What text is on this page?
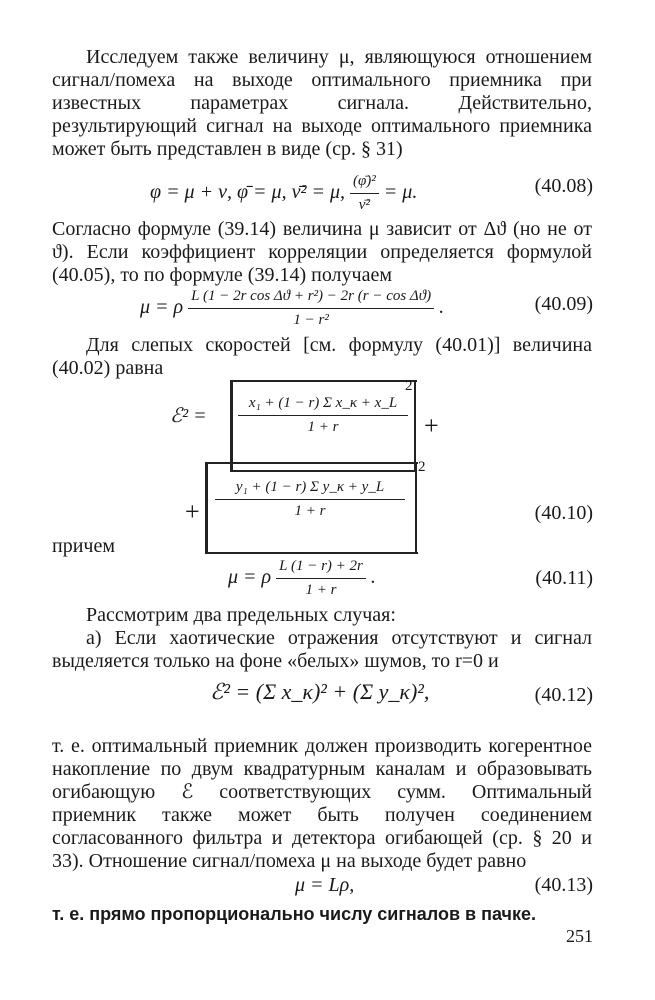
Исследуем также величину μ, являющуюся отношением сигнал/помеха на выходе оптимального приемника при известных параметрах сигнала. Действительно, результирующий сигнал на выходе оптимального приемника может быть представлен в виде (ср. § 31)

φ = μ + ν, φ̄ = μ, ν̄² = μ, $\frac{\text{(φ̄)²}}{\text{ν̄²}} = \mu$.	(40.08)

Согласно формуле (39.14) величина μ зависит от Δϑ (но не от ϑ). Если коэффициент корреляции определяется формулой (40.05), то по формуле (39.14) получаем

μ = ρ $\frac{\text{L (1 − 2r cos Δϑ + r²) − 2r (r − cos Δϑ)}}{\text{1 − r²}}$ .	(40.09)

Для слепых скоростей [см. формулу (40.01)] величина (40.02) равна

ℰ² =
2
$\frac{\text{x₁ + (1 − r) Σ x\_κ + x\_L}}{1 + r}$ +
+
2
$\frac{\text{y₁ + (1 − r) Σ y\_κ + y\_L}}{1 + r}$	(40.10)

причем

μ = ρ $\frac{L (1 - r) + 2r}{1 + r}$ .	(40.11)

Рассмотрим два предельных случая:

а) Если хаотические отражения отсутствуют и сигнал выделяется только на фоне «белых» шумов, то r=0 и

ℰ² = (Σ x_κ)² + (Σ y_κ)²,	(40.12)

т. е. оптимальный приемник должен производить когерентное накопление по двум квадратурным каналам и образовывать огибающую ℰ соответствующих сумм. Оптимальный приемник также может быть получен соединением согласованного фильтра и детектора огибающей (ср. § 20 и 33). Отношение сигнал/помеха μ на выходе будет равно

μ = Lρ,	(40.13)

т. е. прямо пропорционально числу сигналов в пачке.

251
